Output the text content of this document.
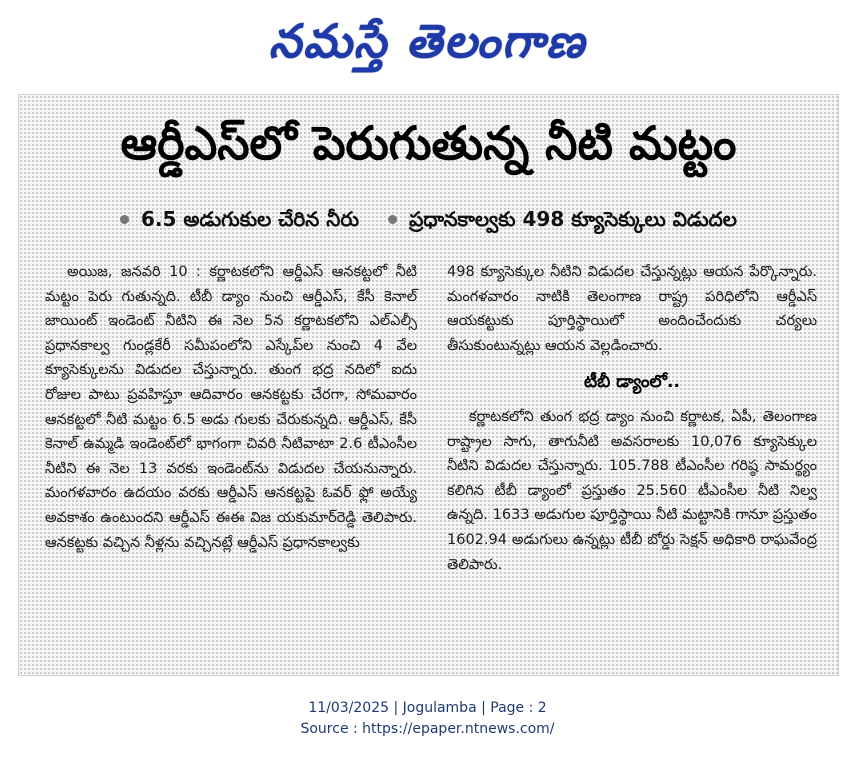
నమస్తే తెలంగాణ
ఆర్డీఎస్‌లో పెరుగుతున్న నీటి మట్టం
6.5 అడుగుకుల చేరిన నీరు ప్రధానకాల్వకు 498 క్యూసెక్కులు విడుదల

అయిజ, జనవరి 10 : కర్ణాటకలోని ఆర్డీఎస్ ఆనకట్టలో నీటి మట్టం పెరు గుతున్నది. టీబీ డ్యాం నుంచి ఆర్డీఎస్, కేసీ కెనాల్ జాయింట్ ఇండెంట్ నీటిని ఈ నెల 5న కర్ణాటకలోని ఎల్ఎల్సీ ప్రధానకాల్వ గుండ్లకేరీ సమీపంలోని ఎస్కేప్‌ల నుంచి 4 వేల క్యూసెక్కులను విడుదల చేస్తున్నారు. తుంగ భద్ర నదిలో ఐదు రోజుల పాటు ప్రవహిస్తూ ఆదివారం ఆనకట్టకు చేరగా, సోమవారం ఆనకట్టలో నీటి మట్టం 6.5 అడు గులకు చేరుకున్నది. ఆర్డీఎస్, కేసీ కెనాల్ ఉమ్మడి ఇండెంట్‌లో భాగంగా చివరి నీటివాటా 2.6 టీఎంసీల నీటిని ఈ నెల 13 వరకు ఇండెంట్‌ను విడుదల చేయనున్నారు. మంగళవారం ఉదయం వరకు ఆర్డీఎస్ ఆనకట్టపై ఓవర్ ఫ్లో అయ్యే అవకాశం ఉంటుందని ఆర్డీఎస్ ఈఈ విజ యకుమార్‌రెడ్డి తెలిపారు. ఆనకట్టకు వచ్చిన నీళ్లను వచ్చినట్లే ఆర్డీఎస్ ప్రధానకాల్వకు

498 క్యూసెక్కుల నీటిని విడుదల చేస్తున్నట్లు ఆయన పేర్కొన్నారు. మంగళవారం నాటికి తెలంగాణ రాష్ట్ర పరిధిలోని ఆర్డీఎస్ ఆయకట్టుకు పూర్తిస్థాయిలో అందించేందుకు చర్యలు తీసుకుంటున్నట్లు ఆయన వెల్లడించారు.

టీబీ డ్యాంలో..

కర్ణాటకలోని తుంగ భద్ర డ్యాం నుంచి కర్ణాటక, ఏపీ, తెలంగాణ రాష్ట్రాల సాగు, తాగునీటి అవసరాలకు 10,076 క్యూసెక్కుల నీటిని విడుదల చేస్తున్నారు. 105.788 టీఎంసీల గరిష్ఠ సామర్థ్యం కలిగిన టీబీ డ్యాంలో ప్రస్తుతం 25.560 టీఎంసీల నీటి నిల్వ ఉన్నది. 1633 అడుగుల పూర్తిస్థాయి నీటి మట్టానికి గానూ ప్రస్తుతం 1602.94 అడుగులు ఉన్నట్లు టీబీ బోర్డు సెక్షన్ అధికారి రాఘవేంద్ర తెలిపారు.

11/03/2025 | Jogulamba | Page : 2
Source : https://epaper.ntnews.com/
